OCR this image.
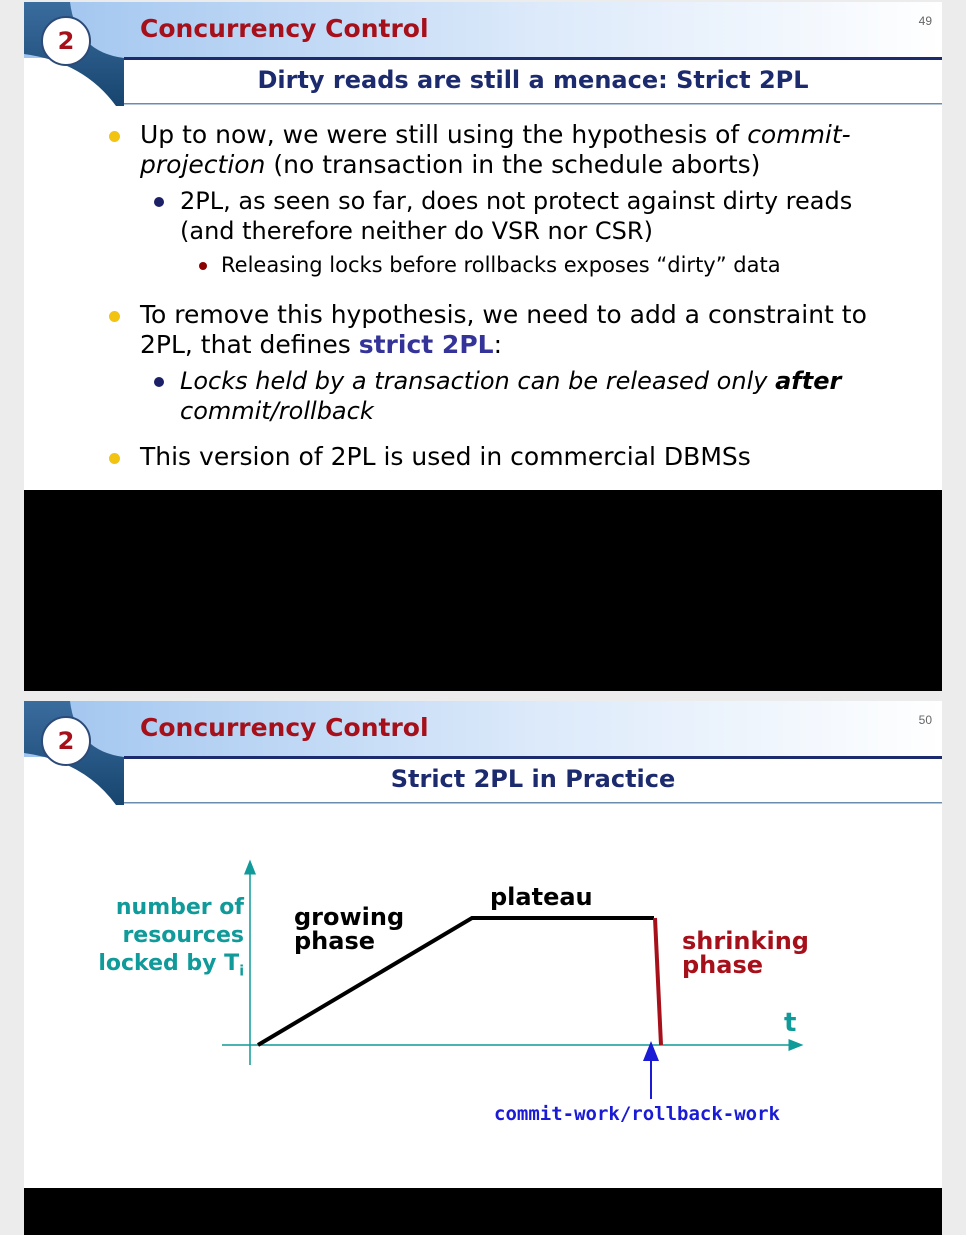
2	Concurrency Control	49
Dirty reads are still a menace: Strict 2PL
Up to now, we were still using the hypothesis of commit-projection (no transaction in the schedule aborts)
2PL, as seen so far, does not protect against dirty reads (and therefore neither do VSR nor CSR)
Releasing locks before rollbacks exposes “dirty” data
To remove this hypothesis, we need to add a constraint to 2PL, that defines strict 2PL:
Locks held by a transaction can be released only after commit/rollback
This version of 2PL is used in commercial DBMSs
2	Concurrency Control	50
Strict 2PL in Practice
number of
resources
locked by $T_i$
growing phase
plateau
shrinking phase
t
commit-work/rollback-work
